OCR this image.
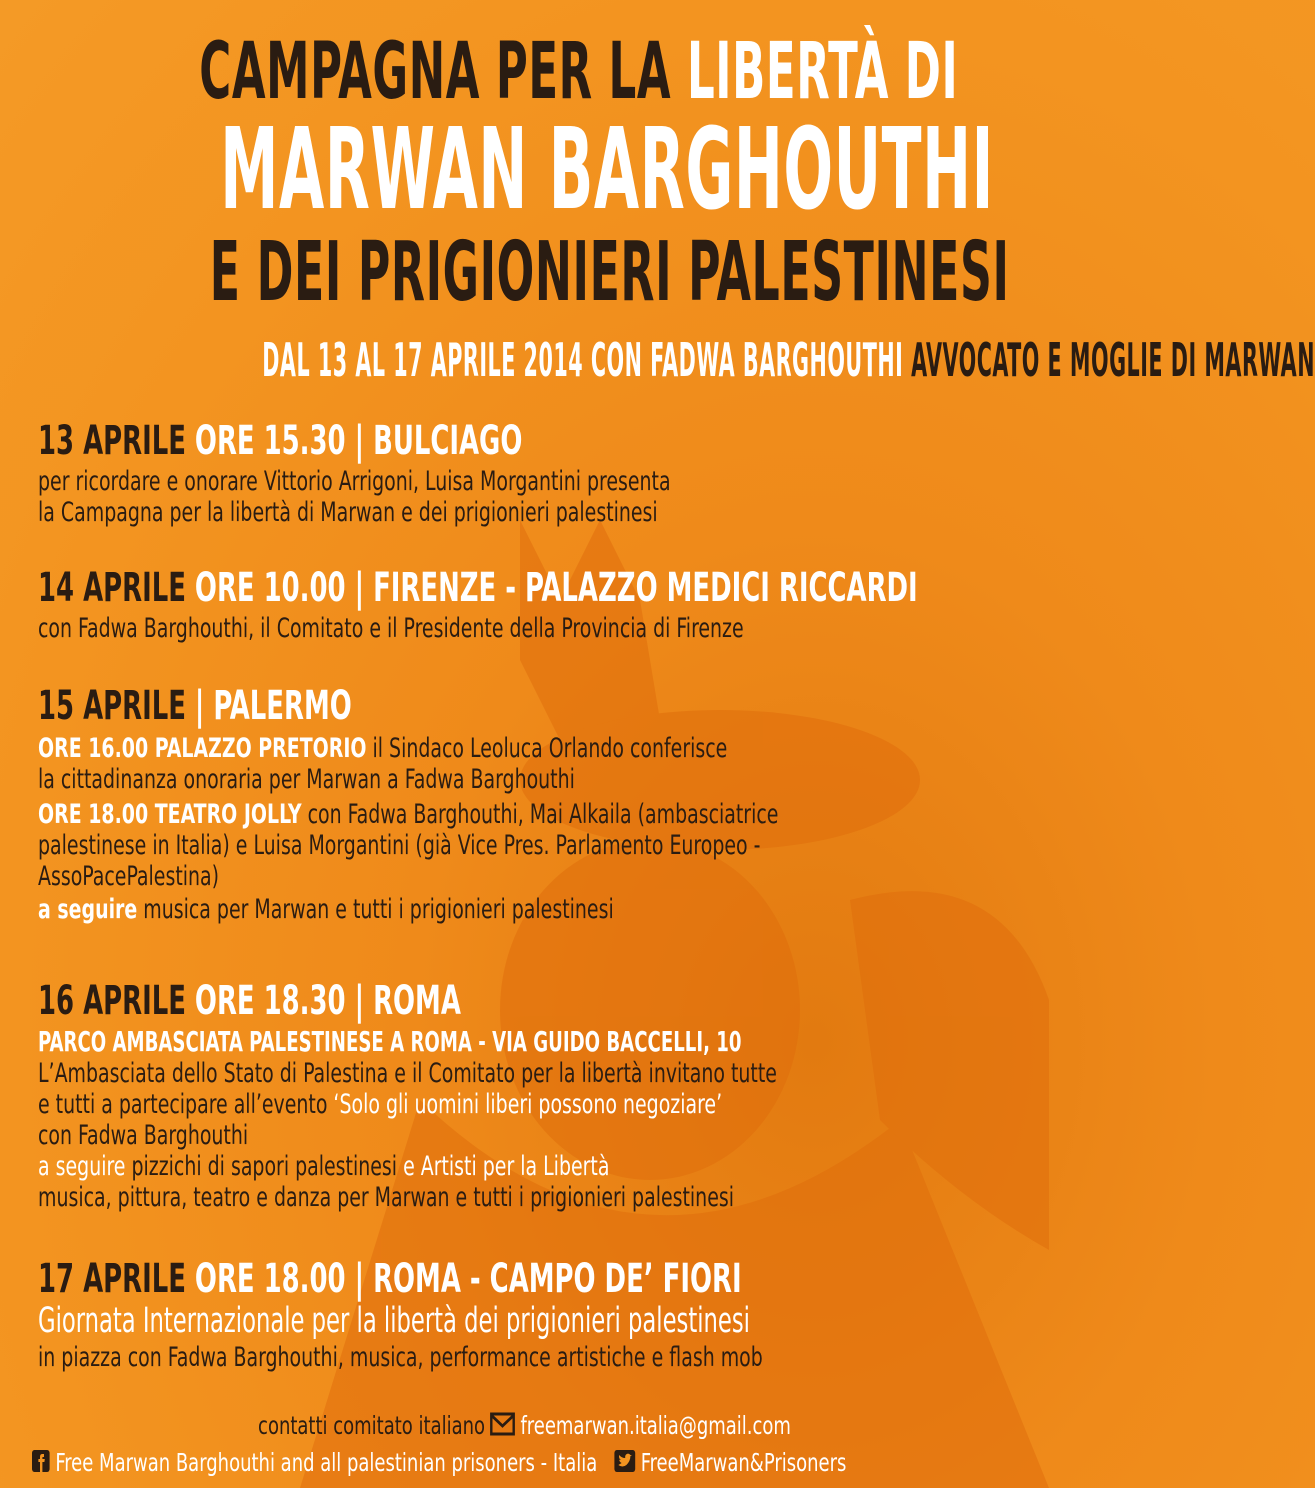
CAMPAGNA PER LA LIBERTÀ DI
MARWAN BARGHOUTHI
E DEI PRIGIONIERI PALESTINESI
DAL 13 AL 17 APRILE 2014 CON FADWA BARGHOUTHI AVVOCATO E MOGLIE DI MARWAN
13 APRILE ORE 15.30 | BULCIAGO
per ricordare e onorare Vittorio Arrigoni, Luisa Morgantini presenta
la Campagna per la libertà di Marwan e dei prigionieri palestinesi
14 APRILE ORE 10.00 | FIRENZE - PALAZZO MEDICI RICCARDI
con Fadwa Barghouthi, il Comitato e il Presidente della Provincia di Firenze
15 APRILE | PALERMO
ORE 16.00 PALAZZO PRETORIO il Sindaco Leoluca Orlando conferisce
la cittadinanza onoraria per Marwan a Fadwa Barghouthi
ORE 18.00 TEATRO JOLLY con Fadwa Barghouthi, Mai Alkaila (ambasciatrice
palestinese in Italia) e Luisa Morgantini (già Vice Pres. Parlamento Europeo -
AssoPacePalestina)
a seguire musica per Marwan e tutti i prigionieri palestinesi
16 APRILE ORE 18.30 | ROMA
PARCO AMBASCIATA PALESTINESE A ROMA - VIA GUIDO BACCELLI, 10
L’Ambasciata dello Stato di Palestina e il Comitato per la libertà invitano tutte
e tutti a partecipare all’evento ‘Solo gli uomini liberi possono negoziare’
con Fadwa Barghouthi
a seguire pizzichi di sapori palestinesi e Artisti per la Libertà
musica, pittura, teatro e danza per Marwan e tutti i prigionieri palestinesi
17 APRILE ORE 18.00 | ROMA - CAMPO DE’ FIORI
Giornata Internazionale per la libertà dei prigionieri palestinesi
in piazza con Fadwa Barghouthi, musica, performance artistiche e flash mob
contatti comitato italiano  freemarwan.italia@gmail.com
Free Marwan Barghouthi and all palestinian prisoners - Italia FreeMarwan&Prisoners
